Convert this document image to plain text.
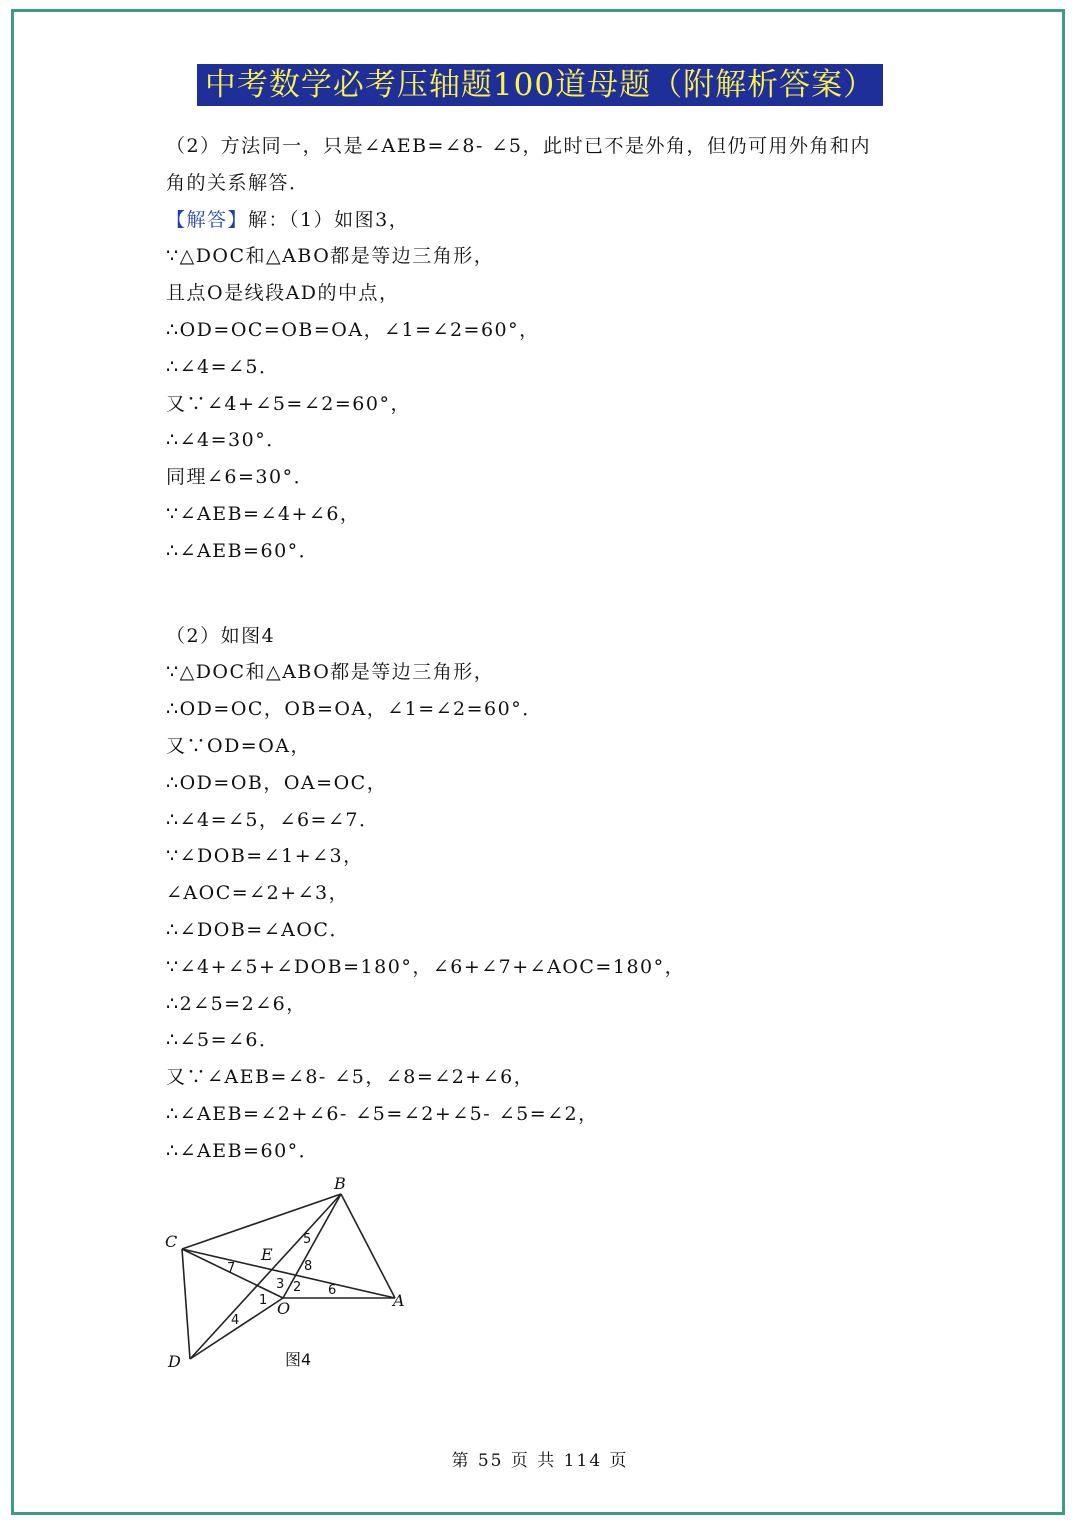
中考数学必考压轴题100道母题（附解析答案）
（2）方法同一，只是∠AEB=∠8- ∠5，此时已不是外角，但仍可用外角和内
角的关系解答．
【解答】解：（1）如图3，
∵△DOC和△ABO都是等边三角形，
且点O是线段AD的中点，
∴OD=OC=OB=OA，∠1=∠2=60°，
∴∠4=∠5．
又∵∠4+∠5=∠2=60°，
∴∠4=30°．
同理∠6=30°．
∵∠AEB=∠4+∠6，
∴∠AEB=60°．
（2）如图4
∵△DOC和△ABO都是等边三角形，
∴OD=OC，OB=OA，∠1=∠2=60°．
又∵OD=OA，
∴OD=OB，OA=OC，
∴∠4=∠5，∠6=∠7．
∵∠DOB=∠1+∠3，
∠AOC=∠2+∠3，
∴∠DOB=∠AOC．
∵∠4+∠5+∠DOB=180°，∠6+∠7+∠AOC=180°，
∴2∠5=2∠6，
∴∠5=∠6．
又∵∠AEB=∠8- ∠5，∠8=∠2+∠6，
∴∠AEB=∠2+∠6- ∠5=∠2+∠5- ∠5=∠2，
∴∠AEB=60°．
B
C
E
O	A
D
1
2
3
4
5
6
7	8
图4
第 55 页 共 114 页
